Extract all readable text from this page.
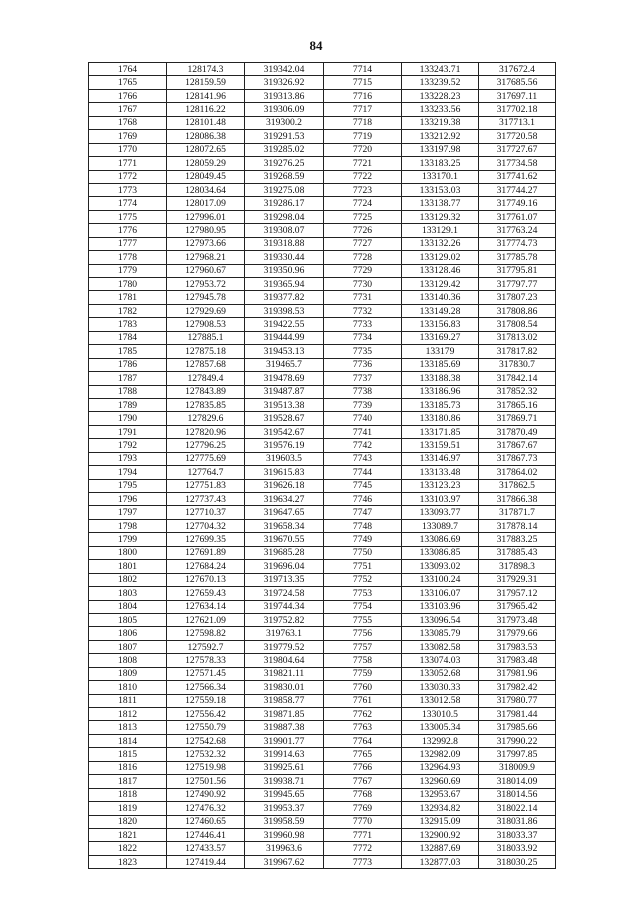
84
1764	128174.3	319342.04	7714	133243.71	317672.4
1765	128159.59	319326.92	7715	133239.52	317685.56
1766	128141.96	319313.86	7716	133228.23	317697.11
1767	128116.22	319306.09	7717	133233.56	317702.18
1768	128101.48	319300.2	7718	133219.38	317713.1
1769	128086.38	319291.53	7719	133212.92	317720.58
1770	128072.65	319285.02	7720	133197.98	317727.67
1771	128059.29	319276.25	7721	133183.25	317734.58
1772	128049.45	319268.59	7722	133170.1	317741.62
1773	128034.64	319275.08	7723	133153.03	317744.27
1774	128017.09	319286.17	7724	133138.77	317749.16
1775	127996.01	319298.04	7725	133129.32	317761.07
1776	127980.95	319308.07	7726	133129.1	317763.24
1777	127973.66	319318.88	7727	133132.26	317774.73
1778	127968.21	319330.44	7728	133129.02	317785.78
1779	127960.67	319350.96	7729	133128.46	317795.81
1780	127953.72	319365.94	7730	133129.42	317797.77
1781	127945.78	319377.82	7731	133140.36	317807.23
1782	127929.69	319398.53	7732	133149.28	317808.86
1783	127908.53	319422.55	7733	133156.83	317808.54
1784	127885.1	319444.99	7734	133169.27	317813.02
1785	127875.18	319453.13	7735	133179	317817.82
1786	127857.68	319465.7	7736	133185.69	317830.7
1787	127849.4	319478.69	7737	133188.38	317842.14
1788	127843.89	319487.87	7738	133186.96	317852.32
1789	127835.85	319513.38	7739	133185.73	317865.16
1790	127829.6	319528.67	7740	133180.86	317869.71
1791	127820.96	319542.67	7741	133171.85	317870.49
1792	127796.25	319576.19	7742	133159.51	317867.67
1793	127775.69	319603.5	7743	133146.97	317867.73
1794	127764.7	319615.83	7744	133133.48	317864.02
1795	127751.83	319626.18	7745	133123.23	317862.5
1796	127737.43	319634.27	7746	133103.97	317866.38
1797	127710.37	319647.65	7747	133093.77	317871.7
1798	127704.32	319658.34	7748	133089.7	317878.14
1799	127699.35	319670.55	7749	133086.69	317883.25
1800	127691.89	319685.28	7750	133086.85	317885.43
1801	127684.24	319696.04	7751	133093.02	317898.3
1802	127670.13	319713.35	7752	133100.24	317929.31
1803	127659.43	319724.58	7753	133106.07	317957.12
1804	127634.14	319744.34	7754	133103.96	317965.42
1805	127621.09	319752.82	7755	133096.54	317973.48
1806	127598.82	319763.1	7756	133085.79	317979.66
1807	127592.7	319779.52	7757	133082.58	317983.53
1808	127578.33	319804.64	7758	133074.03	317983.48
1809	127571.45	319821.11	7759	133052.68	317981.96
1810	127566.34	319830.01	7760	133030.33	317982.42
1811	127559.18	319858.77	7761	133012.58	317980.77
1812	127556.42	319871.85	7762	133010.5	317981.44
1813	127550.79	319887.38	7763	133005.34	317985.66
1814	127542.68	319901.77	7764	132992.8	317990.22
1815	127532.32	319914.63	7765	132982.09	317997.85
1816	127519.98	319925.61	7766	132964.93	318009.9
1817	127501.56	319938.71	7767	132960.69	318014.09
1818	127490.92	319945.65	7768	132953.67	318014.56
1819	127476.32	319953.37	7769	132934.82	318022.14
1820	127460.65	319958.59	7770	132915.09	318031.86
1821	127446.41	319960.98	7771	132900.92	318033.37
1822	127433.57	319963.6	7772	132887.69	318033.92
1823	127419.44	319967.62	7773	132877.03	318030.25
